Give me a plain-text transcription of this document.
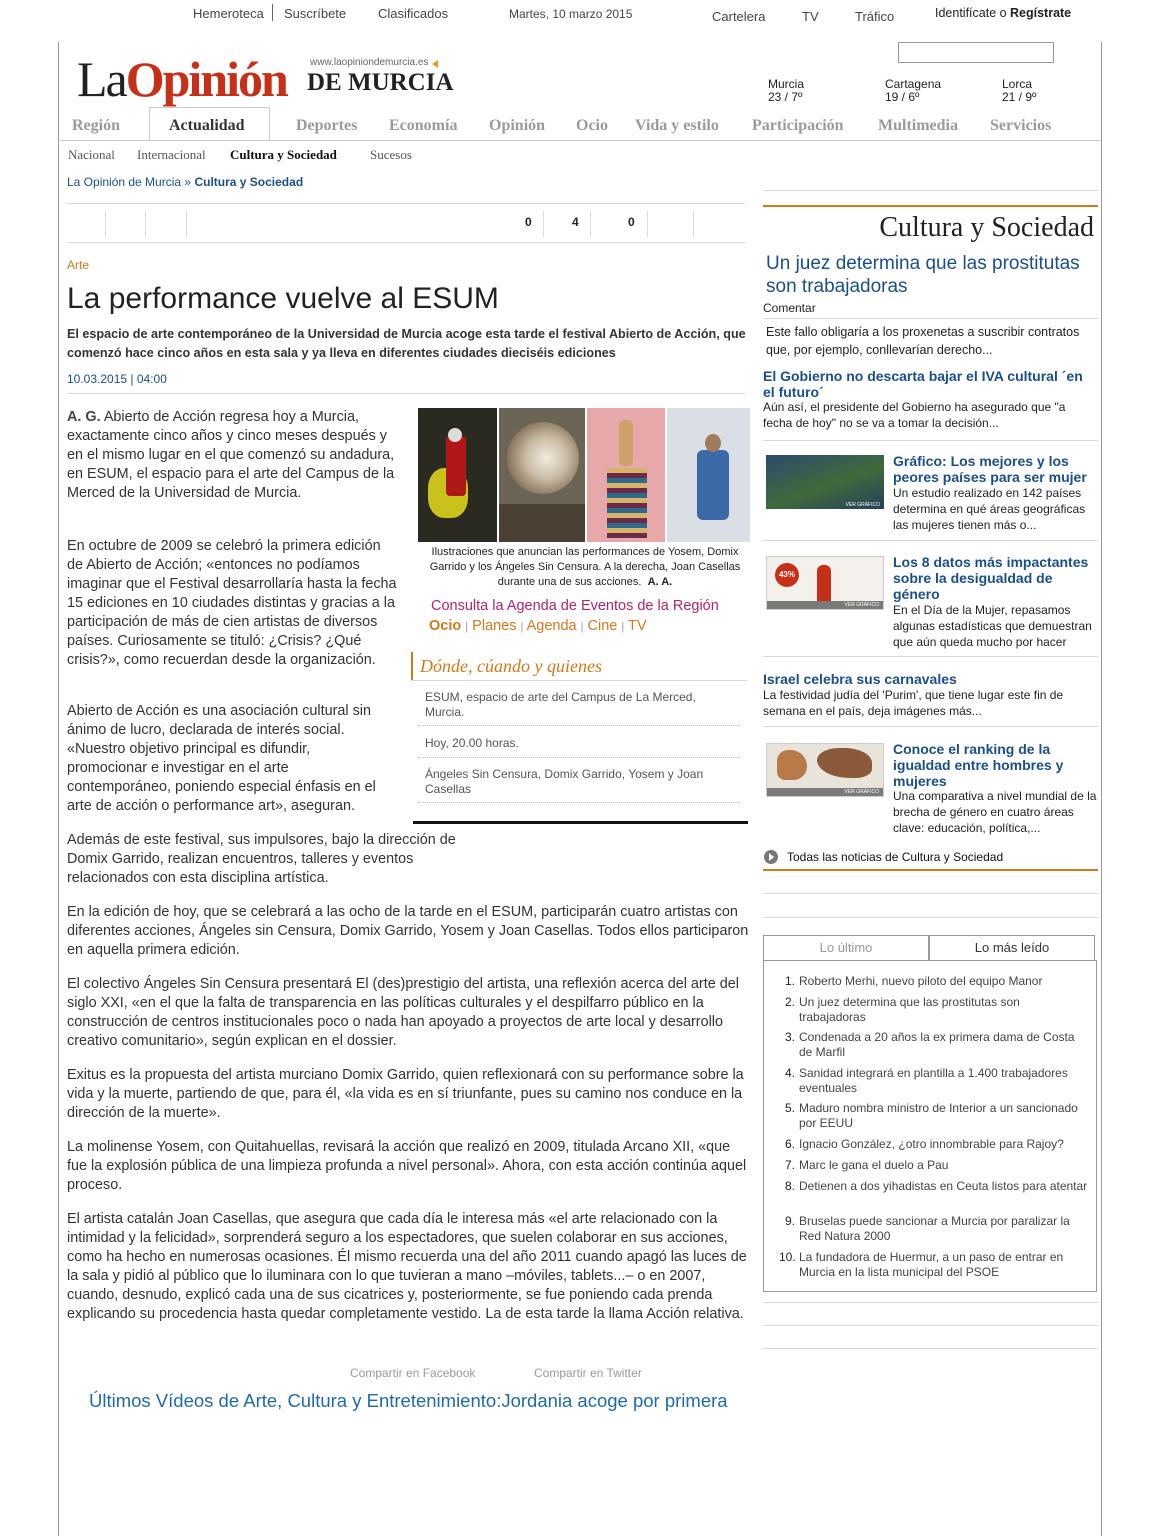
Hemeroteca Suscríbete Clasificados	Martes, 10 marzo 2015	Cartelera	TV	Tráfico	Identifícate o Regístrate
LaOpinión www.laopiniondemurcia.es
DE MURCIA	Murcia
23 / 7º
Cartagena
19 / 6º
Lorca
21 / 9º
Región	Actualidad	Deportes Economía Opinión Ocio Vida y estilo Participación Multimedia Servicios
Nacional Internacional Cultura y Sociedad	Sucesos
La Opinión de Murcia » Cultura y Sociedad
0	4	0
Arte
La performance vuelve al ESUM
El espacio de arte contemporáneo de la Universidad de Murcia acoge esta tarde el festival Abierto de Acción, que comenzó hace cinco años en esta sala y ya lleva en diferentes ciudades dieciséis ediciones
10.03.2015 | 04:00
A. G. Abierto de Acción regresa hoy a Murcia, exactamente cinco años y cinco meses después y en el mismo lugar en el que comenzó su andadura, en ESUM, el espacio para el arte del Campus de la Merced de la Universidad de Murcia.
En octubre de 2009 se celebró la primera edición de Abierto de Acción; «entonces no podíamos imaginar que el Festival desarrollaría hasta la fecha 15 ediciones en 10 ciudades distintas y gracias a la participación de más de cien artistas de diversos países. Curiosamente se tituló: ¿Crisis? ¿Qué crisis?», como recuerdan desde la organización.
Abierto de Acción es una asociación cultural sin ánimo de lucro, declarada de interés social. «Nuestro objetivo principal es difundir, promocionar e investigar en el arte contemporáneo, poniendo especial énfasis en el arte de acción o performance art», aseguran.
Además de este festival, sus impulsores, bajo la dirección de Domix Garrido, realizan encuentros, talleres y eventos relacionados con esta disciplina artística.
En la edición de hoy, que se celebrará a las ocho de la tarde en el ESUM, participarán cuatro artistas con diferentes acciones, Ángeles sin Censura, Domix Garrido, Yosem y Joan Casellas. Todos ellos participaron en aquella primera edición.
El colectivo Ángeles Sin Censura presentará El (des)prestigio del artista, una reflexión acerca del arte del siglo XXI, «en el que la falta de transparencia en las políticas culturales y el despilfarro público en la construcción de centros institucionales poco o nada han apoyado a proyectos de arte local y desarrollo creativo comunitario», según explican en el dossier.
Exitus es la propuesta del artista murciano Domix Garrido, quien reflexionará con su performance sobre la vida y la muerte, partiendo de que, para él, «la vida es en sí triunfante, pues su camino nos conduce en la dirección de la muerte».
La molinense Yosem, con Quitahuellas, revisará la acción que realizó en 2009, titulada Arcano XII, «que fue la explosión pública de una limpieza profunda a nivel personal». Ahora, con esta acción continúa aquel proceso.
El artista catalán Joan Casellas, que asegura que cada día le interesa más «el arte relacionado con la intimidad y la felicidad», sorprenderá seguro a los espectadores, que suelen colaborar en sus acciones, como ha hecho en numerosas ocasiones. Él mismo recuerda una del año 2011 cuando apagó las luces de la sala y pidió al público que lo iluminara con lo que tuvieran a mano –móviles, tablets...– o en 2007, cuando, desnudo, explicó cada una de sus cicatrices y, posteriormente, se fue poniendo cada prenda explicando su procedencia hasta quedar completamente vestido. La de esta tarde la llama Acción relativa.
Ilustraciones que anuncian las performances de Yosem, Domix Garrido y los Ángeles Sin Censura. A la derecha, Joan Casellas durante una de sus acciones. A. A.
Consulta la Agenda de Eventos de la Región
Ocio | Planes | Agenda | Cine | TV
Dónde, cúando y quienes
ESUM, espacio de arte del Campus de La Merced, Murcia.
Hoy, 20.00 horas.
Ángeles Sin Censura, Domix Garrido, Yosem y Joan Casellas
Compartir en Facebook	Compartir en Twitter
Últimos Vídeos de Arte, Cultura y Entretenimiento:Jordania acoge por primera
Cultura y Sociedad
Un juez determina que las prostitutas son trabajadoras
Comentar
Este fallo obligaría a los proxenetas a suscribir contratos que, por ejemplo, conllevarían derecho...
El Gobierno no descarta bajar el IVA cultural ´en el futuro´
Aún así, el presidente del Gobierno ha asegurado que "a fecha de hoy" no se va a tomar la decisión...
VER GRÁFICO
Gráfico: Los mejores y los peores países para ser mujer
Un estudio realizado en 142 países determina en qué áreas geográficas las mujeres tienen más o...
43%
VER GRÁFICO
Los 8 datos más impactantes sobre la desigualdad de género
En el Día de la Mujer, repasamos algunas estadísticas que demuestran que aún queda mucho por hacer
Israel celebra sus carnavales
La festividad judía del 'Purim', que tiene lugar este fin de semana en el país, deja imágenes más...
VER GRÁFICO
Conoce el ranking de la igualdad entre hombres y mujeres
Una comparativa a nivel mundial de la brecha de género en cuatro áreas clave: educación, política,...
Todas las noticias de Cultura y Sociedad
Lo último	Lo más leído
1. Roberto Merhi, nuevo piloto del equipo Manor
2. Un juez determina que las prostitutas son trabajadoras
3. Condenada a 20 años la ex primera dama de Costa de Marfil
4. Sanidad integrará en plantilla a 1.400 trabajadores eventuales
5. Maduro nombra ministro de Interior a un sancionado por EEUU
6. Ignacio González, ¿otro innombrable para Rajoy?
7. Marc le gana el duelo a Pau
8. Detienen a dos yihadistas en Ceuta listos para atentar
9. Bruselas puede sancionar a Murcia por paralizar la Red Natura 2000
10. La fundadora de Huermur, a un paso de entrar en Murcia en la lista municipal del PSOE
